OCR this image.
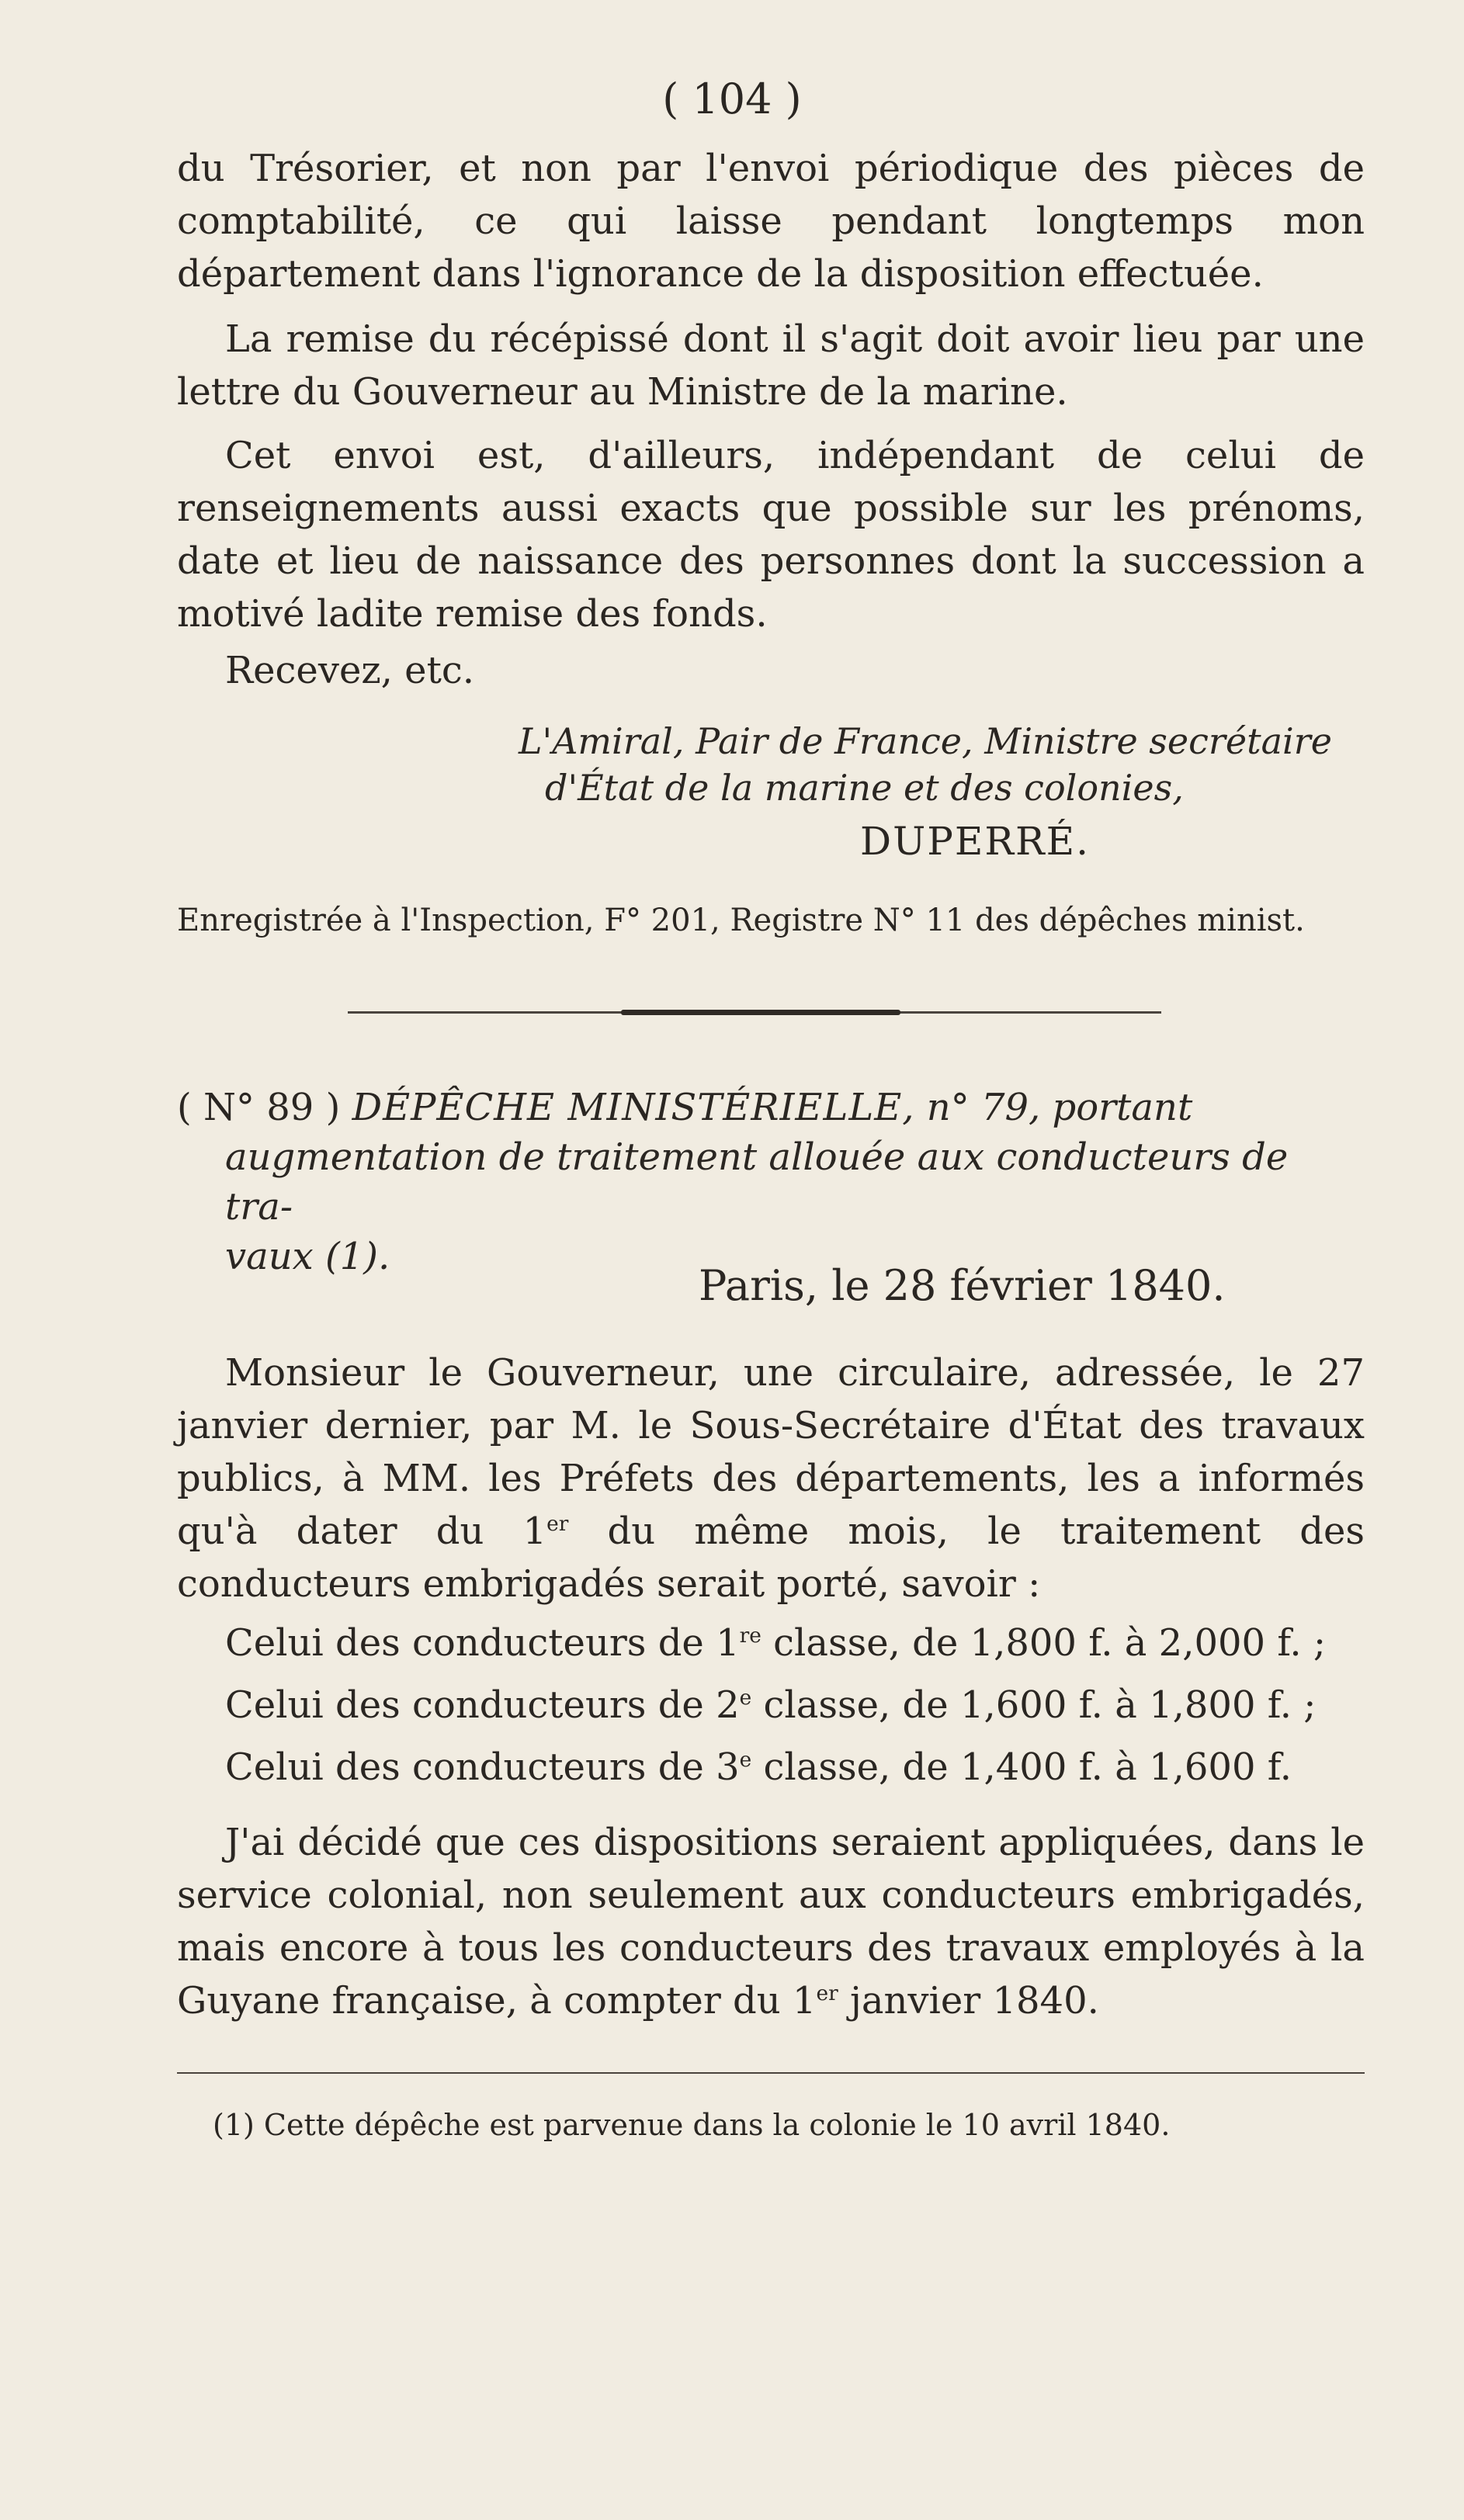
( 104 )

du Trésorier, et non par l'envoi périodique des pièces de comptabilité, ce qui laisse pendant longtemps mon département dans l'ignorance de la disposition effectuée.

La remise du récépissé dont il s'agit doit avoir lieu par une lettre du Gouverneur au Ministre de la marine.

Cet envoi est, d'ailleurs, indépendant de celui de renseignements aussi exacts que possible sur les prénoms, date et lieu de naissance des personnes dont la succession a motivé ladite remise des fonds.

Recevez, etc.

L'Amiral, Pair de France, Ministre secrétaire
d'État de la marine et des colonies,
DUPERRÉ.
Enregistrée à l'Inspection, F° 201, Registre N° 11 des dépêches minist.
( N° 89 ) DÉPÊCHE MINISTÉRIELLE, n° 79, portant
augmentation de traitement allouée aux conducteurs de tra-
vaux (1).
Paris, le 28 février 1840.

Monsieur le Gouverneur, une circulaire, adressée, le 27 janvier dernier, par M. le Sous-Secrétaire d'État des travaux publics, à MM. les Préfets des départements, les a informés qu'à dater du 1er du même mois, le traitement des conducteurs embrigadés serait porté, savoir :

Celui des conducteurs de 1re classe, de 1,800 f. à 2,000 f. ;

Celui des conducteurs de 2e classe, de 1,600 f. à 1,800 f. ;

Celui des conducteurs de 3e classe, de 1,400 f. à 1,600 f.

J'ai décidé que ces dispositions seraient appliquées, dans le service colonial, non seulement aux conducteurs embrigadés, mais encore à tous les conducteurs des travaux employés à la Guyane française, à compter du 1er janvier 1840.

(1) Cette dépêche est parvenue dans la colonie le 10 avril 1840.
